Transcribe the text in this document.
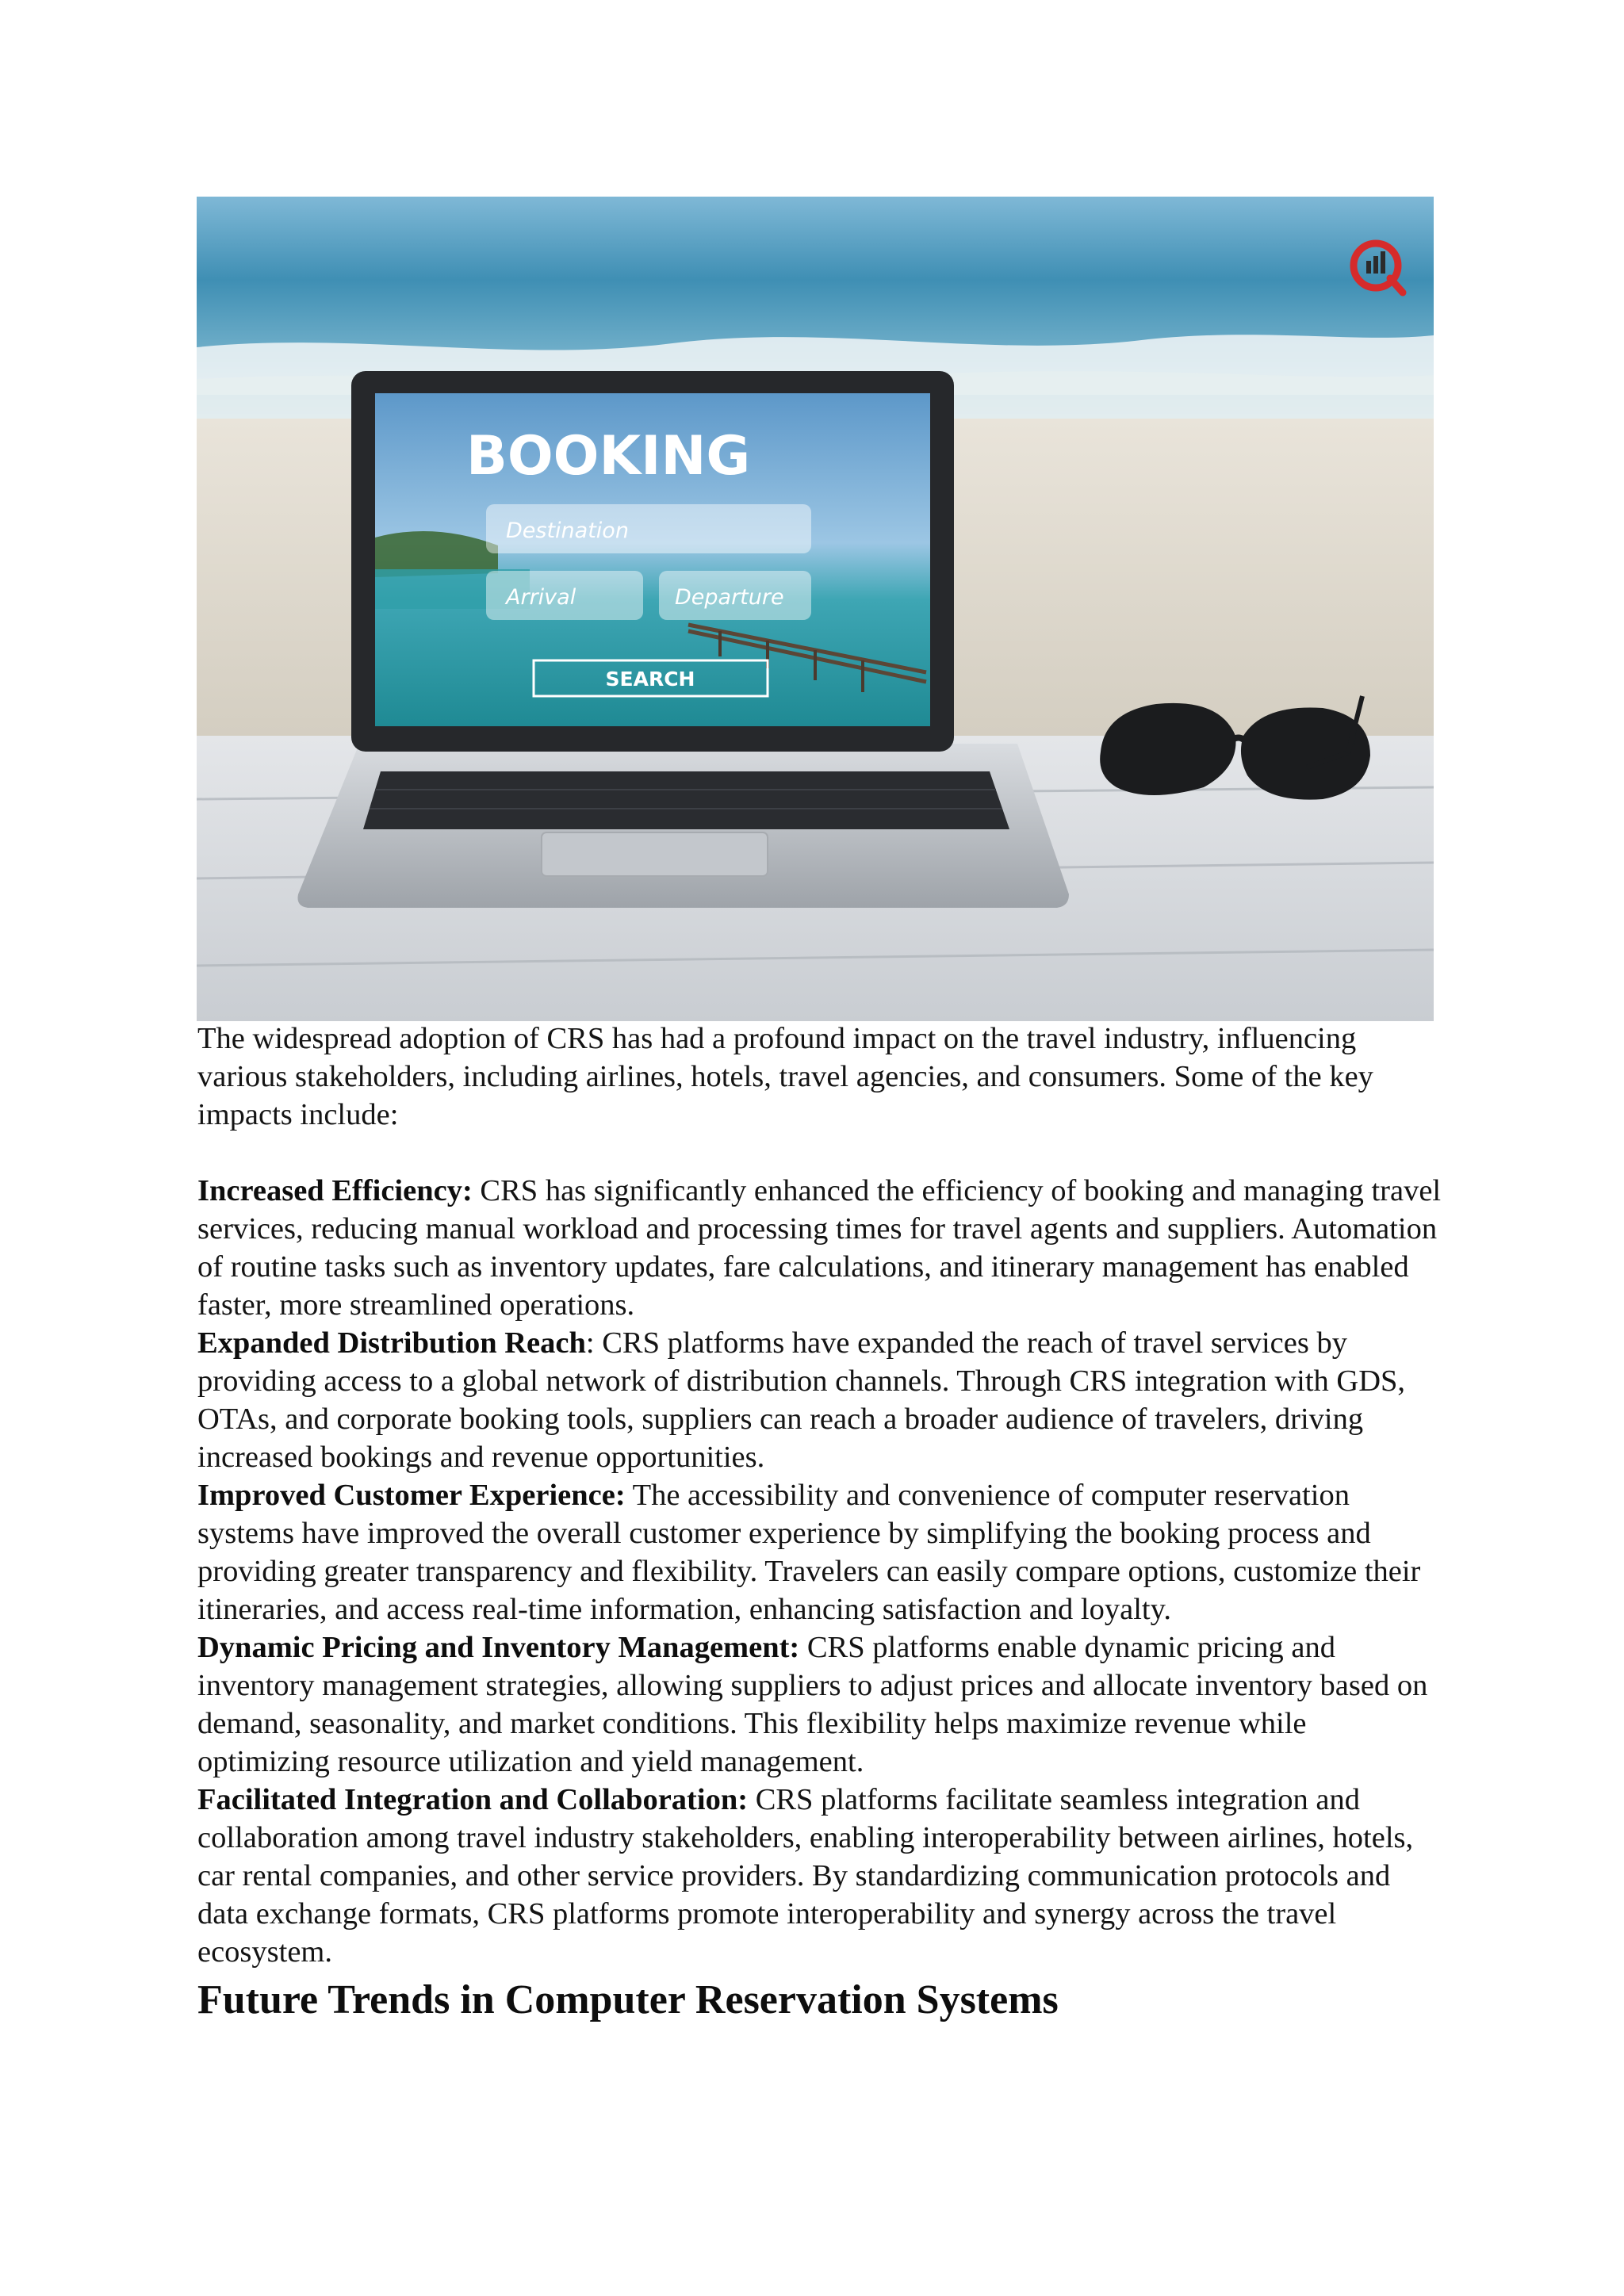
BOOKING
Destination
Arrival	Departure
SEARCH

The widespread adoption of CRS has had a profound impact on the travel industry, influencing various stakeholders, including airlines, hotels, travel agencies, and consumers. Some of the key impacts include:

Increased Efficiency: CRS has significantly enhanced the efficiency of booking and managing travel services, reducing manual workload and processing times for travel agents and suppliers. Automation of routine tasks such as inventory updates, fare calculations, and itinerary management has enabled faster, more streamlined operations.

Expanded Distribution Reach: CRS platforms have expanded the reach of travel services by providing access to a global network of distribution channels. Through CRS integration with GDS, OTAs, and corporate booking tools, suppliers can reach a broader audience of travelers, driving increased bookings and revenue opportunities.

Improved Customer Experience: The accessibility and convenience of computer reservation systems have improved the overall customer experience by simplifying the booking process and providing greater transparency and flexibility. Travelers can easily compare options, customize their itineraries, and access real-time information, enhancing satisfaction and loyalty.

Dynamic Pricing and Inventory Management: CRS platforms enable dynamic pricing and inventory management strategies, allowing suppliers to adjust prices and allocate inventory based on demand, seasonality, and market conditions. This flexibility helps maximize revenue while optimizing resource utilization and yield management.

Facilitated Integration and Collaboration: CRS platforms facilitate seamless integration and collaboration among travel industry stakeholders, enabling interoperability between airlines, hotels, car rental companies, and other service providers. By standardizing communication protocols and data exchange formats, CRS platforms promote interoperability and synergy across the travel ecosystem.

Future Trends in Computer Reservation Systems
